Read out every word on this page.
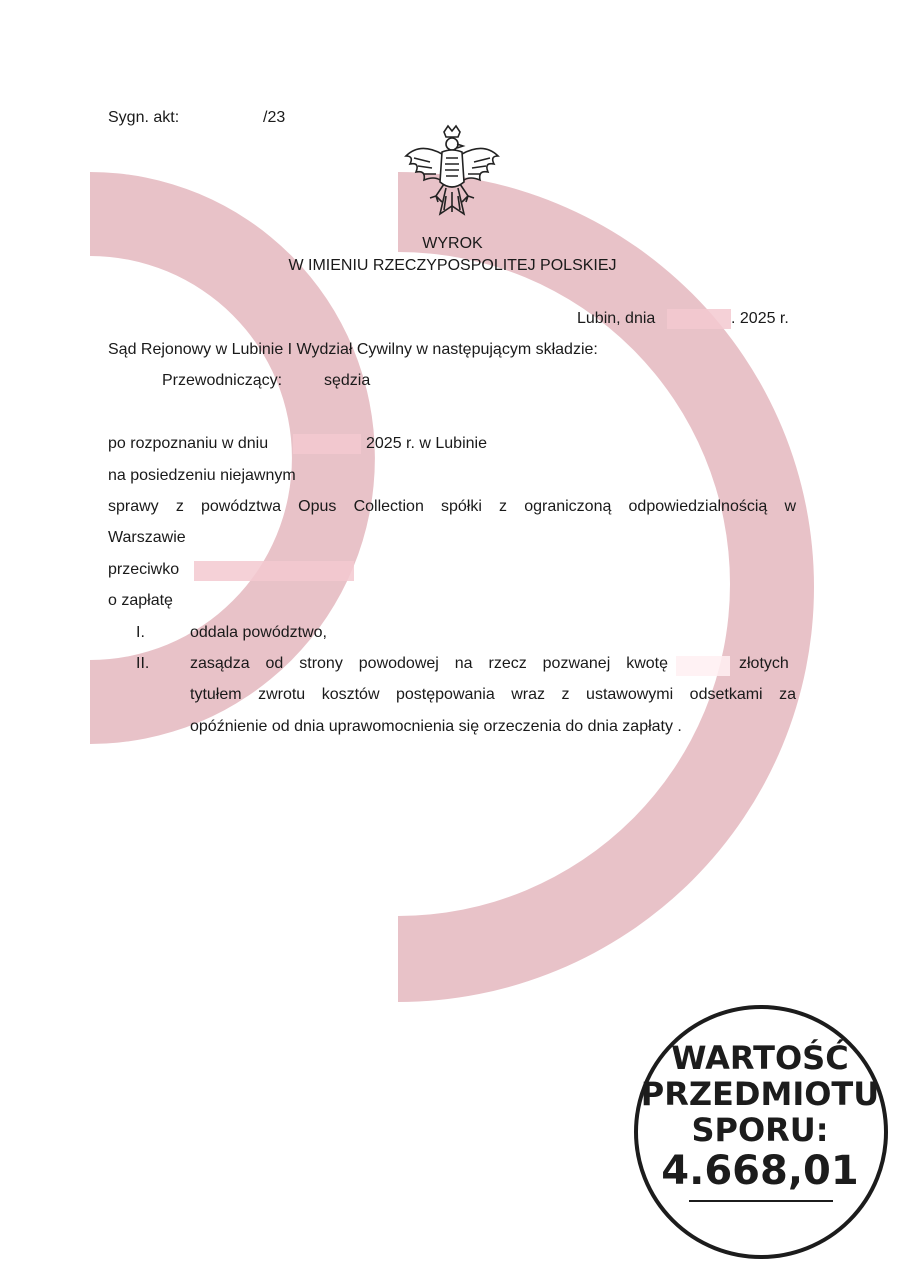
Sygn. akt:	/23
WYROK
W IMIENIU RZECZYPOSPOLITEJ POLSKIEJ
Lubin, dnia	. 2025 r.
Sąd Rejonowy w Lubinie I Wydział Cywilny w następującym składzie:
Przewodniczący:	sędzia
po rozpoznaniu w dniu	2025 r. w Lubinie
na posiedzeniu niejawnym
sprawy z powództwa Opus Collection spółki z ograniczoną odpowiedzialnością w
Warszawie
przeciwko
o zapłatę
I.	oddala powództwo,
II.	zasądza od strony powodowej na rzecz pozwanej kwotę	złotych
tytułem zwrotu kosztów postępowania wraz z ustawowymi odsetkami za
opóźnienie od dnia uprawomocnienia się orzeczenia do dnia zapłaty .
WARTOŚĆ
PRZEDMIOTU
SPORU:
4.668,01
